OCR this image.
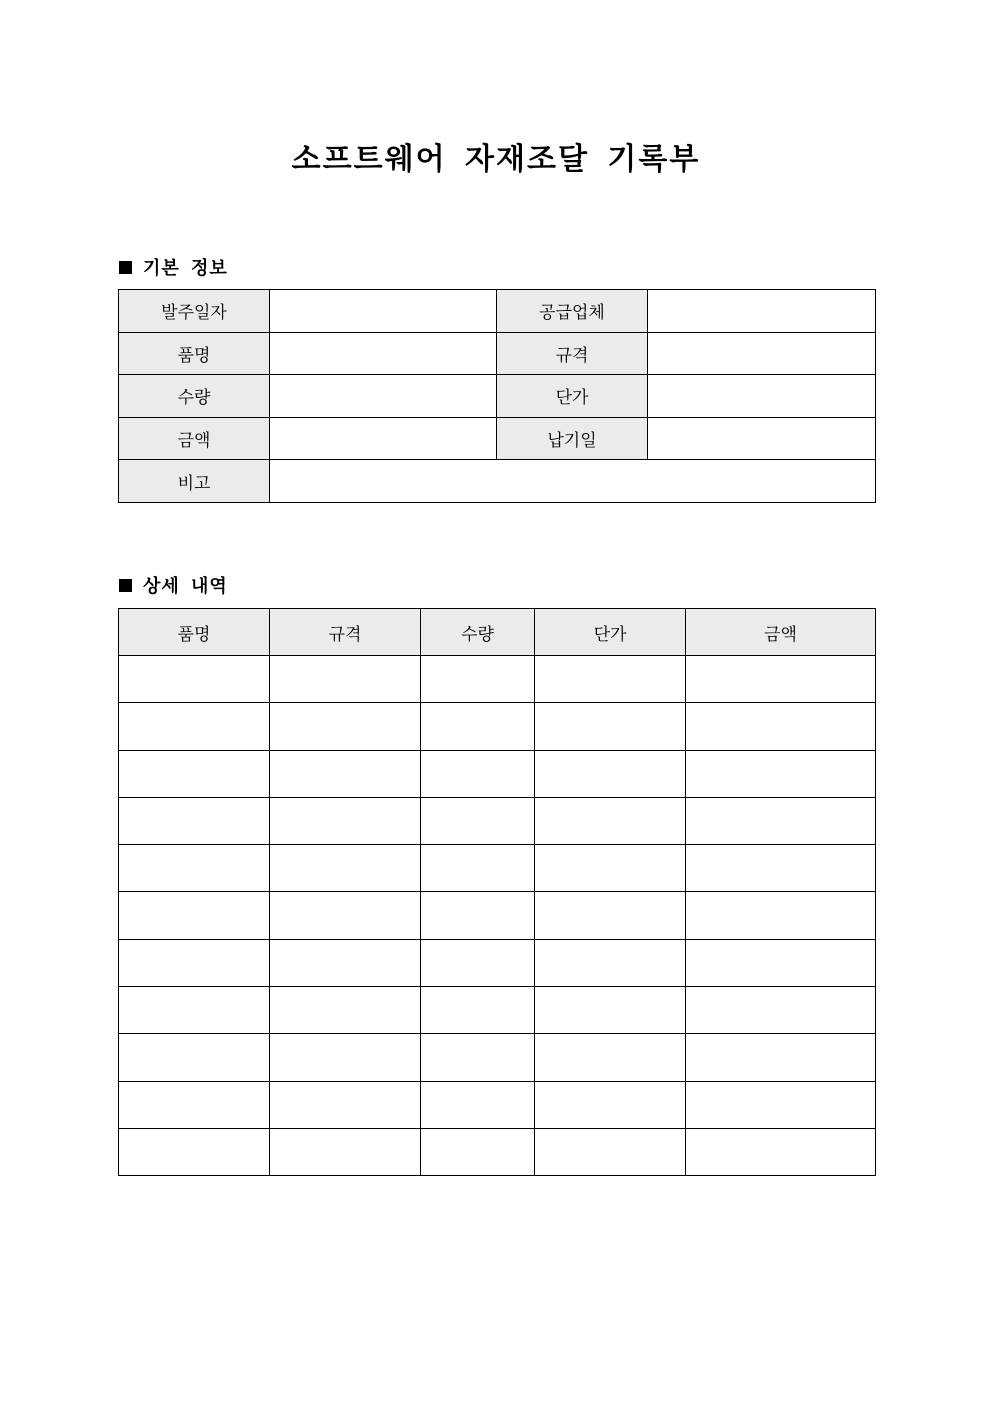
소프트웨어 자재조달 기록부
기본 정보
발주일자		공급업체	
품명		규격	
수량		단가	
금액		납기일	
비고			
상세 내역
품명	규격	수량	단가	금액
